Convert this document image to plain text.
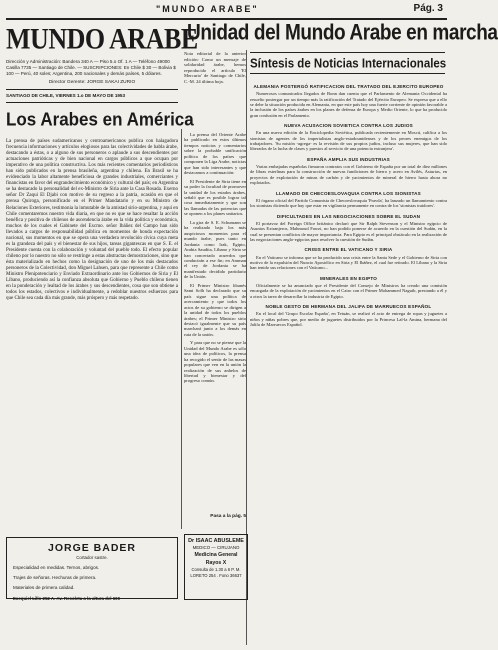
"MUNDO ARABE"	Pág. 3
MUNDO ARABE
Dirección y Administración: Bandera 340 A — Piso 5.o Of. 1 A — Teléfono 49000 Casilla 7735 — Santiago de Chile. — SUSCRIPCIONES: En Chile $ 30 — Bolivia $ 100 — Perú, 40 soles; Argentina, 200 nacionales y demás países, 5 dólares.
Director Gerente: JORGE SAKAI ZURIO
SANTIAGO DE CHILE, VIERNES 1.o DE MAYO DE 1953
Los Arabes en América
La prensa de países sudamericanos y centroamericanos publica con halagadora frecuencia informaciones y artículos elogiosos para las colectividades de habla árabe, destacando a éstas, o a alguno de sus personeros o aplaude a sus descendientes por actuaciones patrióticas y de bien nacional en cargos públicos a que ocupan por imperativo de una política constructiva. Los más recientes comentarios periodísticos han sido publicados en la prensa brasileña, argentina y chilena. En Brasil se ha evidenciado la labor altamente beneficiosa de grandes industriales, comerciantes y financistas en favor del engrandecimiento económico y cultural del país; en Argentina se ha destacado la personalidad del ex-Ministro de Siria ante la Casa Rosada. Exerno señor Dr Zaqui El Djabi con motivo de su regreso a la patria, ocasión en que el prensa Quiroga, personificado en el Primer Mandatario y en su Ministro de Relaciones Exteriores, testimonia la inmutable de la amistad sirio-argentina, y aquí en Chile comentaremos nuestro vida diaria, en que no es que se hace resaltar la acción benéfica y positiva de chilenos de ascendencia árabe en la vida política y económica, muchos de los cuales el Gabinete del Excmo. señor Ibáñez del Campo han sido llevados a cargos de responsabilidad pública en momentos de honda expectación nacional, sus momentos en que se opera una verdadera revolución cívica cuya meta es la grandeza del país y el bienestar de sus hijos, tareas gigantescas en que S. E. el Presidente cuenta con la colaboración y voluntad del pueblo todo. El efecto popular chileno por lo nuestro no sólo se restringe a estas abstractas demostraciones, sino que ésta materializado en hechos como la designación de uno de los más destacados personeros de la Colectividad, don Miguel Lahsen, para que represente a Chile como Ministro Plenipotenciario y Enviado Extraordinario ante los Gobiernos de Siria y El Líbano, produciendo así la confianza absoluta que Gobierno y Pueblo chileno tienen en la ponderación y lealtad de los árabes y sus descendientes, cosa que son obtiene a todos los estados, colectivos e individualmente, a redoblar nuestros esfuerzos para que Chile sea cada día más grande, más próspero y más respetado.
JORGE BADER
Cortador sastre.
Especialidad en medidas. Ternos, abrigos.
Trajes de señoras. Hechuras de primera.
Materiales de primera calidad.
Exequiel Lillo 252 A. Av. Recoleta a la altura del 600
Unidad del Mundo Arabe en marcha
Nota editorial de la anterior edición: Como un mensaje de solidaridad árabe, hemos reproducido el artículo 'El Mercurio' de Santiago de Chile, C.-M. 24 última hoja.

La prensa del Oriente Arabe ha publicado en estos últimos tiempos noticias y comentarios sobre la probable unificación política de los países que componen la Liga Arabe, noticias que han sido interesantes y que destacamos a continuación:

El Presidente de Siria tiene en su poder la facultad de promover la unidad de los estados árabes, señaló que es posible lograr tal cosa inmediatamente y que son las llamadas de las potencias que se oponen a los planes unitarios.

La gira de S. E. Schumann se ha realizado bajo los más auspiciosos momentos para el mundo árabe, pues tanto en Jordania como Irak, Egipto, Arabia Saudita, Líbano y Siria se han concertado acuerdos que conducirán a ese fin; en Amman el rey de Jordania se ha manifestado decidido partidario de la Unión.

El Primer Ministro libanés Sami Solh ha declarado que su país sigue una política de acercamiento y que todos los actos de su gobierno se dirigen a la unidad de todos los pueblos árabes; el Primer Ministro sirio destacó igualmente que su país marchará junto a los demás en ruta de la unión.

Y para que no se piense que la Unidad del Mundo Arabe es sólo una idea de políticos, la prensa ha recogido el sentir de las masas populares que ven en la unión la realización de sus anhelos de libertad y bienestar y del progreso común.

Pasa a la pág. 5
Dr ISAAC ABUSLEME
MEDICO — CIRUJANO
Medicina General
Rayos X
Consulta de 1.30 a 6 P. M.
LORETO 254 . Fono 36637
Síntesis de Noticias Internacionales
ALEMANIA POSTERGÓ RATIFICACION DEL TRATADO DEL EJERCITO EUROPEO

Numerosos comunicados llegados de Bonn dan cuenta que el Parlamento de Alemania Occidental ha resuelto postergar por un tiempo más la ratificación del Tratado del Ejército Europeo. Se expresa que a ello se debe la situación producida en Alemania, en que este país hoy una fuerte corriente de opinión favorable a la inclusión de los países árabes en los planes de defensa de Europa y Medio Oriente, lo que ha producido gran confusión en el Parlamento.

NUEVA ACUSACION SOVIETICA CONTRA LOS JUDIOS

En una nueva edición de la Enciclopedia Soviética, publicada recientemente en Moscú, califica a los sionistas de agentes de los imperialistas anglo-estadounidenses y de los peores enemigos de los trabajadores. 'Su misión -agrega- es la revisión de sus propios judíos, incluso sus mujeres, que han sido liberados de la lucha de clases y puestos al servicio de una potencia extranjera'.

ESPAÑA AMPLIA SUS INDUSTRIAS

Varias embajadas españolas firmaron contratos con el Gobierno de España por un total de diez millones de libras esterlinas para la construcción de nuevas fundiciones de hierro y acero en Avilés, Asturias, en proyectos de explotación de minas de carbón y de yacimientos de mineral de hierro hasta ahora no explotados.

LLAMADO DE CHECOESLOVAQUIA CONTRA LOS SIONISTAS

El órgano oficial del Partido Comunista de Checoeslovaquia 'Pravda', ha lanzado un llamamiento contra los sionistas diciendo que hay que estar en vigilancia permanente en contra de los 'sionistas traidores'.

DIFICULTADES EN LAS NEGOCIACIONES SOBRE EL SUDAN

El portavoz del Foreign Office británico declaró que Sir Ralph Stevenson y el Ministro egipcio de Asuntos Extranjeros, Mahmoud Fawzi, no han podido ponerse de acuerdo en la cuestión del Sudán, en la cual se presentan conflictos de mayor importancia. Para Egipto es el principal obstáculo en la realización de las negociaciones anglo-egipcias para resolver la cuestión de Sudán.

CRISIS ENTRE EL VATICANO Y SIRIA

En el Vaticano se informa que se ha producido una crisis entre la Santa Sede y el Gobierno de Siria con motivo de la expulsión del Nuncio Apostólico en Siria y El Ibáñez, el cual fue retirado. El Líbano y la Siria han tenido sus relaciones con el Vaticano...

MINERALES EN EGIPTO

Oficialmente se ha anunciado que el Presidente del Consejo de Ministros ha creado una comisión encargada de la explotación de yacimientos en el Cairo con el Primer Mohammed Naguib, prestando a él y a otros la tarea de desarrollar la industria de Egipto.

NOBLE GESTO DE HERMANA DEL JALIFA DE MARRUECOS ESPAÑOL

En el local del 'Grupo Escolar España', en Tetuán, se realizó el acto de entrega de ropas y juguetes a niños y niñas pobres que, por medio de juguetes distribuidos por la Princesa Lal-la Amina, hermana del Jalifa de Marruecos Español.
